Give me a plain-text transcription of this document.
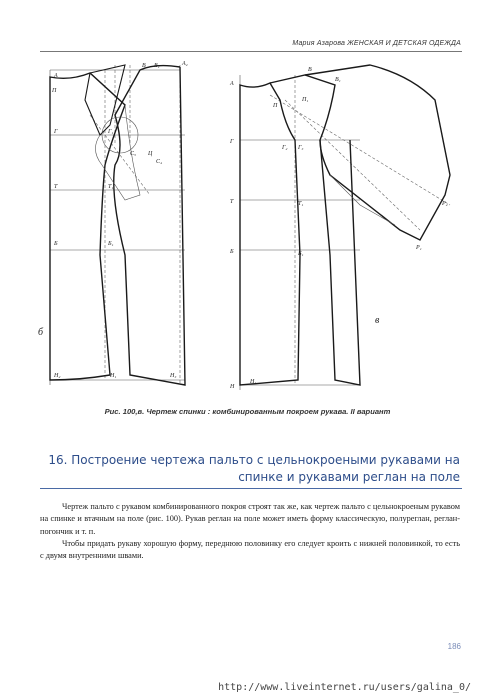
Мария Азарова ЖЕНСКАЯ И ДЕТСКАЯ ОДЕЖДА
А
П
Г
Т
Б
Н₂
Г₁
Т₁
Б₁
Н₁	Н₃
А₂
В В₁
Ц
С₄
С₅
б
А
П
Г
Т
Б
Н
Г₂ Г₃
Т₁
Б₁
Н₁
В
В₁
П₁
Р₁
Р₂
в
Рис. 100,в. Чертеж спинки : комбинированным покроем рукава. II вариант
16. Построение чертежа пальто с цельнокроеными рукавами на
спинке и рукавами реглан на поле

Чертеж пальто с рукавом комбинированного покроя строят так же, как чертеж пальто с цельнокроеным рукавом на спинке и втачным на поле (рис. 100). Рукав реглан на поле может иметь форму классическую, полуреглан, реглан-погончик и т. п.

Чтобы придать рукаву хорошую форму, переднюю половинку его следует кроить с нижней половинкой, то есть с двумя внутренними швами.

186
http://www.liveinternet.ru/users/galina_0/
